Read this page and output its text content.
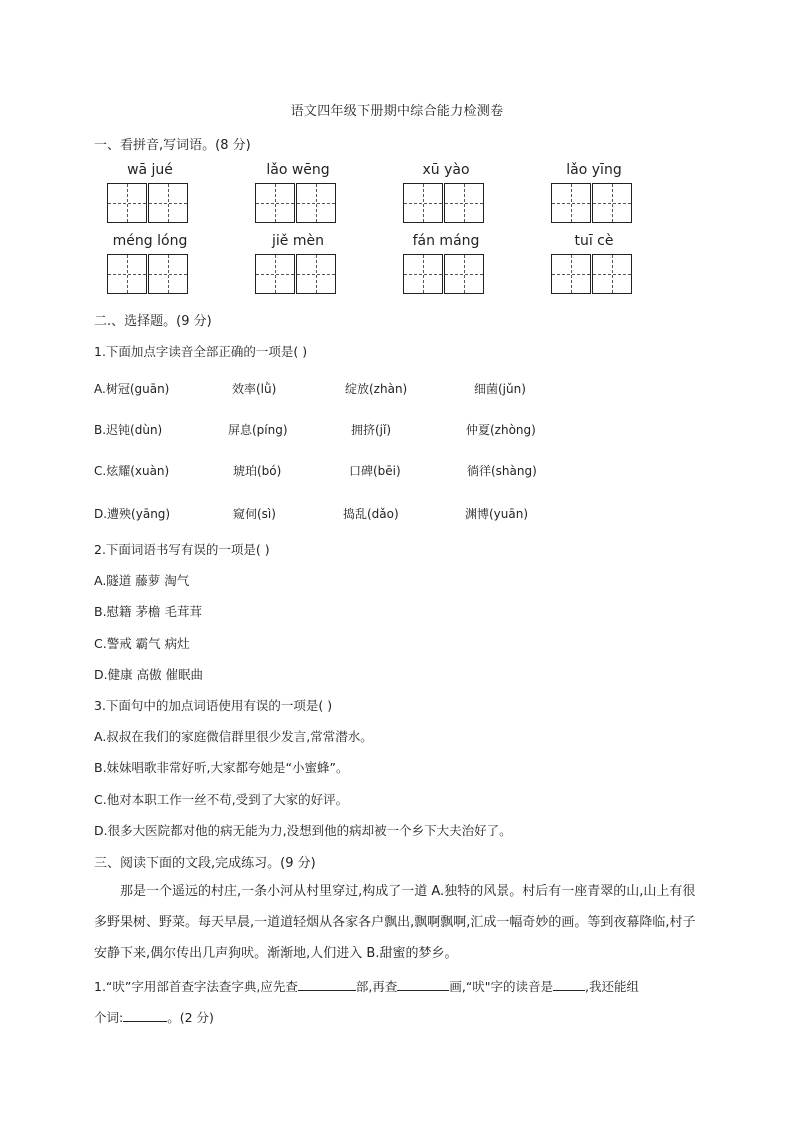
语文四年级下册期中综合能力检测卷
一、看拼音,写词语。(8 分)
wā jué	lǎo wēng	xū yào	lǎo yīng
méng lóng	jiě mèn	fán máng	tuī cè
二.、选择题。(9 分)
1.下面加点字读音全部正确的一项是( )
A.树冠(guān)	效率(lǜ)	绽放(zhàn)	细菌(jǔn)
B.迟钝(dùn)	屏息(píng)	拥挤(jǐ)	仲夏(zhòng)
C.炫耀(xuàn)	琥珀(bó)	口碑(bēi)	徜徉(shàng)
D.遭殃(yāng)	窥伺(sì)	捣乱(dǎo)	渊博(yuān)
2.下面词语书写有误的一项是( )
A.隧道 藤萝 淘气
B.慰籍 茅檐 毛茸茸
C.警戒 霸气 病灶
D.健康 高傲 催眠曲
3.下面句中的加点词语使用有误的一项是( )
A.叔叔在我们的家庭微信群里很少发言,常常潜水。
B.妹妹唱歌非常好听,大家都夸她是“小蜜蜂”。
C.他对本职工作一丝不苟,受到了大家的好评。
D.很多大医院都对他的病无能为力,没想到他的病却被一个乡下大夫治好了。
三、阅读下面的文段,完成练习。(9 分)
那是一个遥远的村庄,一条小河从村里穿过,构成了一道 A.独特的风景。村后有一座青翠的山,山上有很多野果树、野菜。每天早晨,一道道轻烟从各家各户飘出,飘啊飘啊,汇成一幅奇妙的画。等到夜幕降临,村子安静下来,偶尔传出几声狗吠。渐渐地,人们进入 B.甜蜜的梦乡。
1.“吠”字用部首查字法查字典,应先查	部,再查	画,“吠"字的读音是	,我还能组
个词:	。(2 分)
